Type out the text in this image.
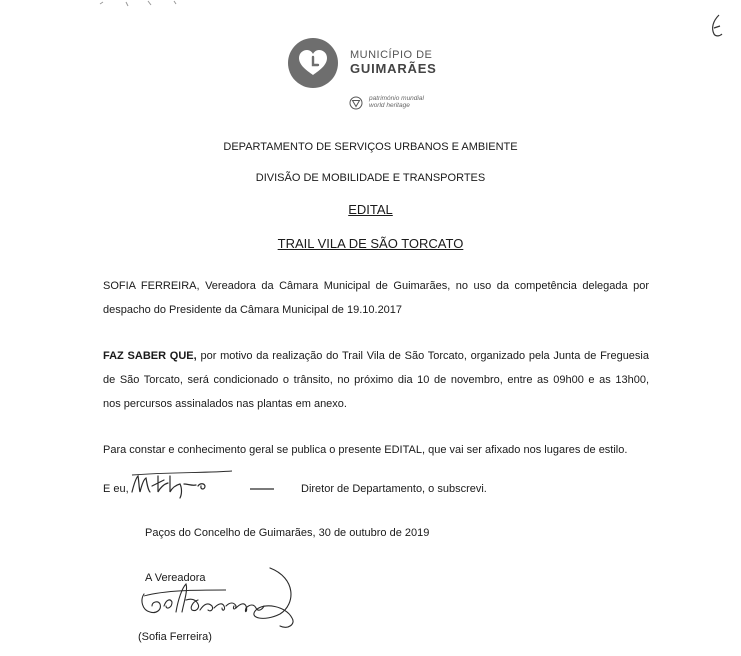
MUNICÍPIO DE
GUIMARÃES
património mundial
world heritage
DEPARTAMENTO DE SERVIÇOS URBANOS E AMBIENTE
DIVISÃO DE MOBILIDADE E TRANSPORTES
EDITAL
TRAIL VILA DE SÃO TORCATO
SOFIA FERREIRA, Vereadora da Câmara Municipal de Guimarães, no uso da competência delegada por
despacho do Presidente da Câmara Municipal de 19.10.2017
FAZ SABER QUE, por motivo da realização do Trail Vila de São Torcato, organizado pela Junta de Freguesia
de São Torcato, será condicionado o trânsito, no próximo dia 10 de novembro, entre as 09h00 e as 13h00,
nos percursos assinalados nas plantas em anexo.
Para constar e conhecimento geral se publica o presente EDITAL, que vai ser afixado nos lugares de estilo.
E eu,	Diretor de Departamento, o subscrevi.
Paços do Concelho de Guimarães, 30 de outubro de 2019
A Vereadora
(Sofia Ferreira)
